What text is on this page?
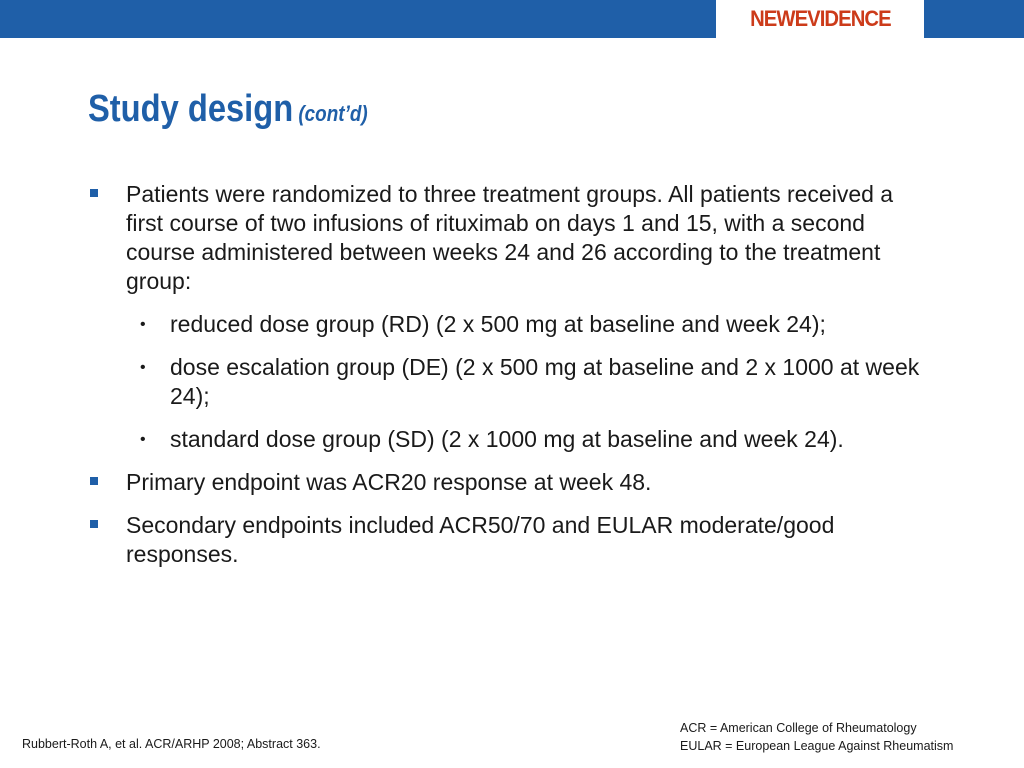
NEWEVIDENCE
Study design (cont’d)
Patients were randomized to three treatment groups. All patients received a first course of two infusions of rituximab on days 1 and 15, with a second course administered between weeks 24 and 26 according to the treatment group:
• reduced dose group (RD) (2 x 500 mg at baseline and week 24);
• dose escalation group (DE) (2 x 500 mg at baseline and 2 x 1000 at week 24);
• standard dose group (SD) (2 x 1000 mg at baseline and week 24).
Primary endpoint was ACR20 response at week 48.
Secondary endpoints included ACR50/70 and EULAR moderate/good responses.
Rubbert-Roth A, et al. ACR/ARHP 2008; Abstract 363.
ACR = American College of Rheumatology
EULAR = European League Against Rheumatism
